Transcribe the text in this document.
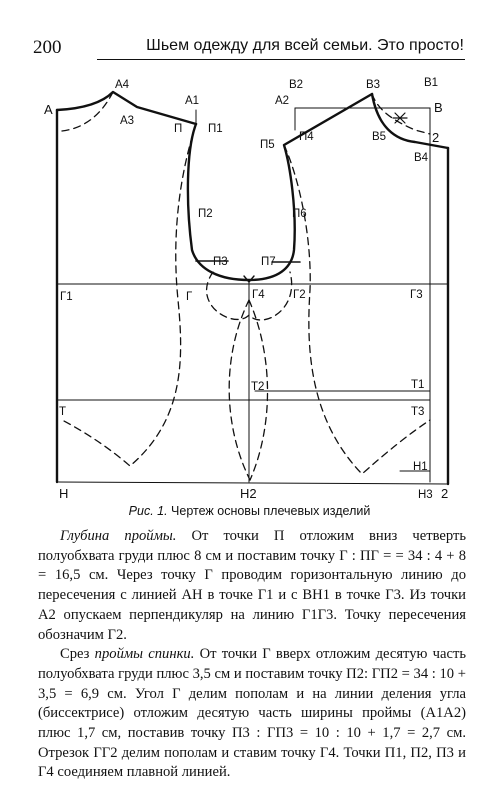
200	Шьем одежду для всей семьи. Это просто!
A
A4
A3
A1
П П1
A2
B2	B3	B1
B
П4
П5
B5	2
B4
П2	П6
П3	П7
Г1	Г	Г4 Г2	Г3
T1
T2
T	T3
H1
H	H2	H3 2
Рис. 1. Чертеж основы плечевых изделий

Глубина проймы. От точки П отложим вниз четверть полуобхвата груди плюс 8 см и поставим точку Г : ПГ = = 34 : 4 + 8 = 16,5 см. Через точку Г проводим горизонтальную линию до пересечения с линией АН в точке Г1 и с ВН1 в точке Г3. Из точки А2 опускаем перпендикуляр на линию Г1Г3. Точку пересечения обозначим Г2.

Срез проймы спинки. От точки Г вверх отложим десятую часть полуобхвата груди плюс 3,5 см и поставим точку П2: ГП2 = 34 : 10 + 3,5 = 6,9 см. Угол Г делим пополам и на линии деления угла (биссектрисе) отложим десятую часть ширины проймы (А1А2) плюс 1,7 см, поставив точку П3 : ГП3 = 10 : 10 + 1,7 = 2,7 см. Отрезок ГГ2 делим пополам и ставим точку Г4. Точки П1, П2, П3 и Г4 соединяем плавной линией.
